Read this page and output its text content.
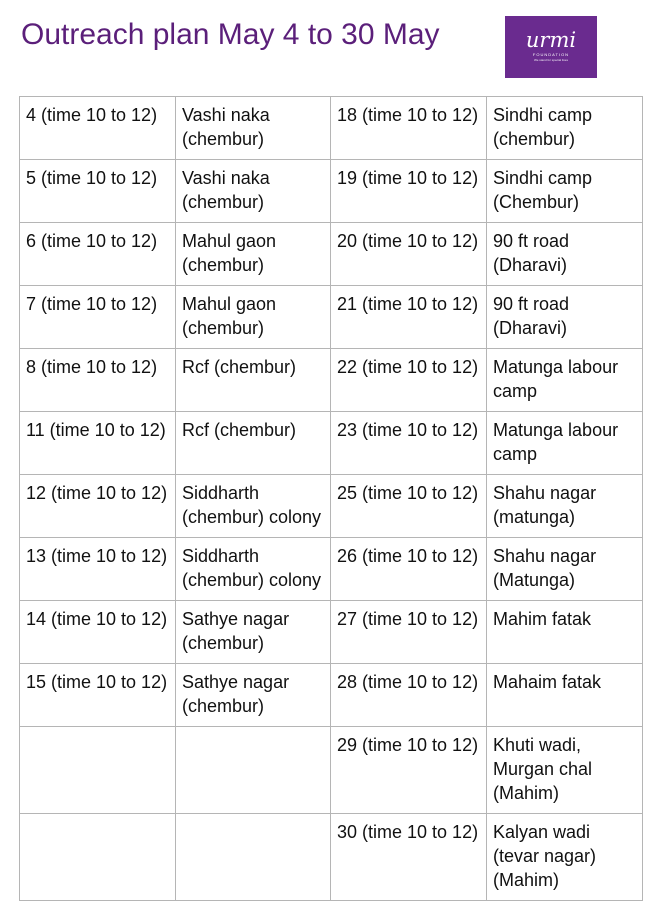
Outreach plan May 4 to 30 May	urmi
FOUNDATION
We stand for special lives
4 (time 10 to 12)	Vashi naka (chembur)	18 (time 10 to 12)	Sindhi camp (chembur)
5 (time 10 to 12)	Vashi naka (chembur)	19 (time 10 to 12)	Sindhi camp (Chembur)
6 (time 10 to 12)	Mahul gaon (chembur)	20 (time 10 to 12)	90 ft road (Dharavi)
7 (time 10 to 12)	Mahul gaon (chembur)	21 (time 10 to 12)	90 ft road (Dharavi)
8 (time 10 to 12)	Rcf (chembur)	22 (time 10 to 12)	Matunga labour camp
11 (time 10 to 12)	Rcf (chembur)	23 (time 10 to 12)	Matunga labour camp
12 (time 10 to 12)	Siddharth (chembur) colony	25 (time 10 to 12)	Shahu nagar (matunga)
13 (time 10 to 12)	Siddharth (chembur) colony	26 (time 10 to 12)	Shahu nagar (Matunga)
14 (time 10 to 12)	Sathye nagar (chembur)	27 (time 10 to 12)	Mahim fatak
15 (time 10 to 12)	Sathye nagar (chembur)	28 (time 10 to 12)	Mahaim fatak
		29 (time 10 to 12)	Khuti wadi, Murgan chal (Mahim)
		30 (time 10 to 12)	Kalyan wadi (tevar nagar) (Mahim)
